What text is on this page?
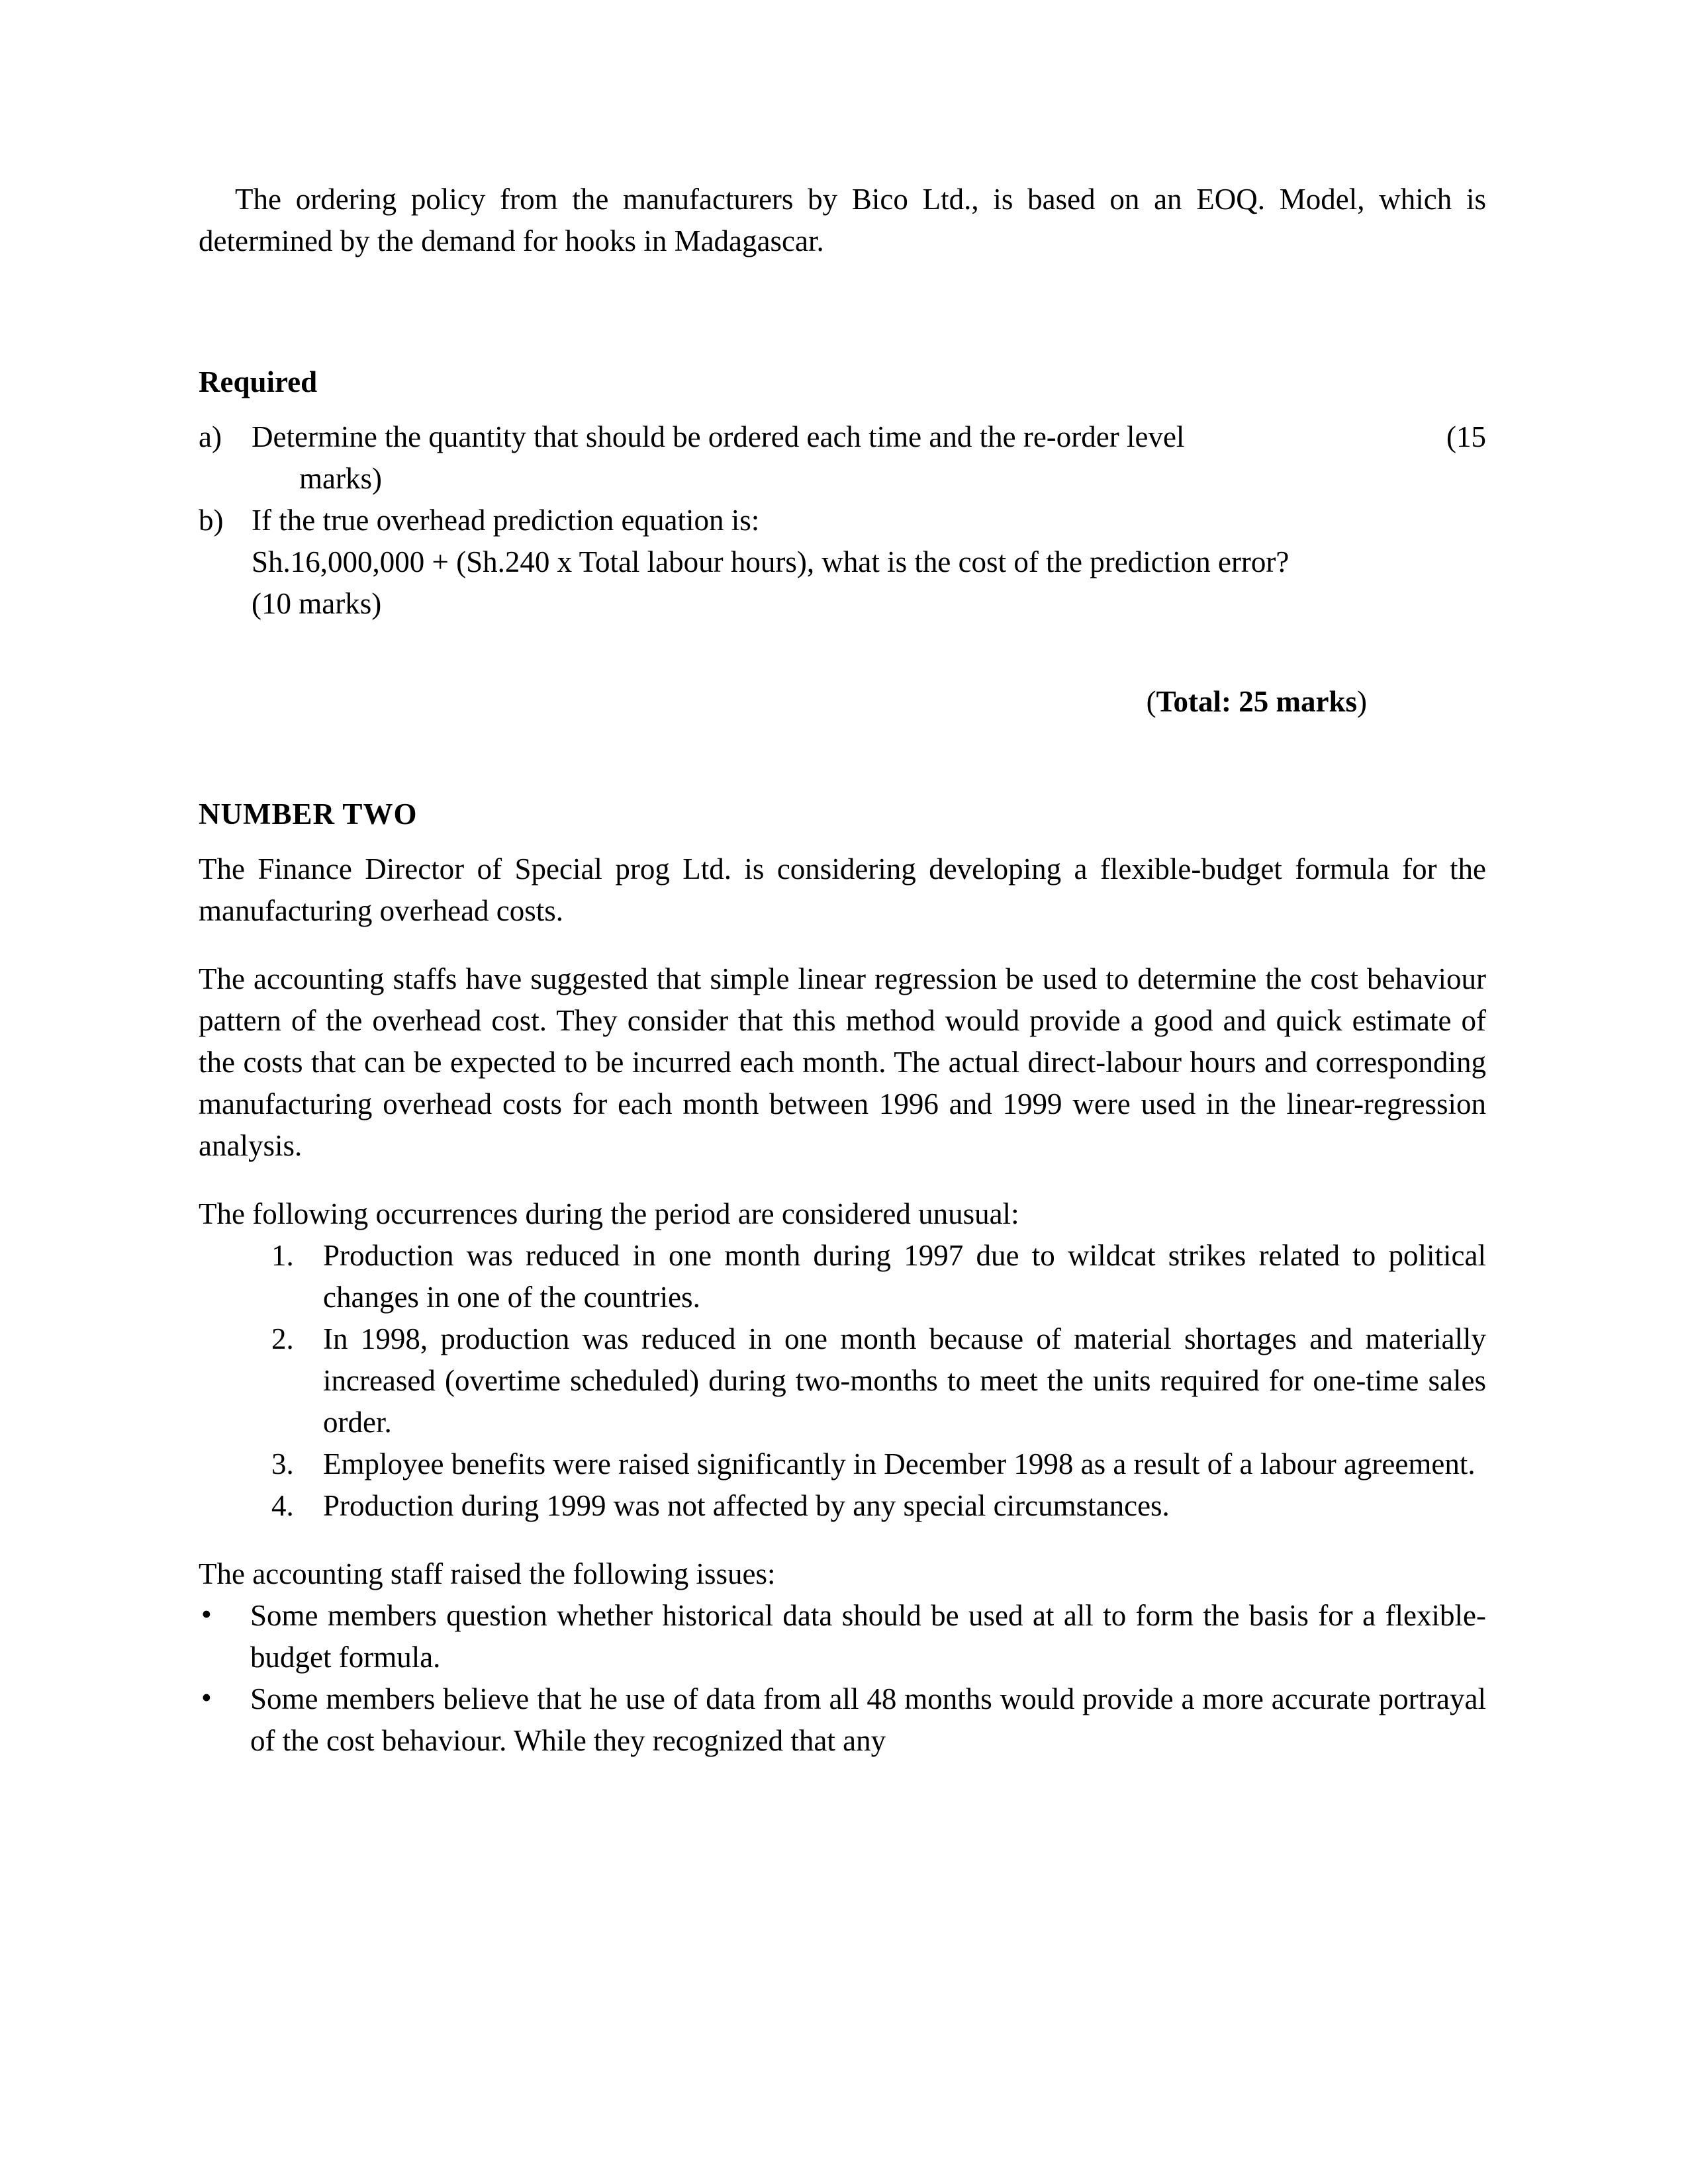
The ordering policy from the manufacturers by Bico Ltd., is based on an EOQ. Model, which is determined by the demand for hooks in Madagascar.

Required

a)	(15
Determine the quantity that should be ordered each time and the re-order level
marks)
b) If the true overhead prediction equation is:
Sh.16,000,000 + (Sh.240 x Total labour hours), what is the cost of the prediction error?
(10 marks)

(Total: 25 marks)

NUMBER TWO

The Finance Director of Special prog Ltd. is considering developing a flexible-budget formula for the manufacturing overhead costs.

The accounting staffs have suggested that simple linear regression be used to determine the cost behaviour pattern of the overhead cost. They consider that this method would provide a good and quick estimate of the costs that can be expected to be incurred each month. The actual direct-labour hours and corresponding manufacturing overhead costs for each month between 1996 and 1999 were used in the linear-regression analysis.

The following occurrences during the period are considered unusual:

1. Production was reduced in one month during 1997 due to wildcat strikes related to political changes in one of the countries.
2. In 1998, production was reduced in one month because of material shortages and materially increased (overtime scheduled) during two-months to meet the units required for one-time sales order.
3. Employee benefits were raised significantly in December 1998 as a result of a labour agreement.
4. Production during 1999 was not affected by any special circumstances.

The accounting staff raised the following issues:

• Some members question whether historical data should be used at all to form the basis for a flexible-budget formula.
• Some members believe that he use of data from all 48 months would provide a more accurate portrayal of the cost behaviour. While they recognized that any
